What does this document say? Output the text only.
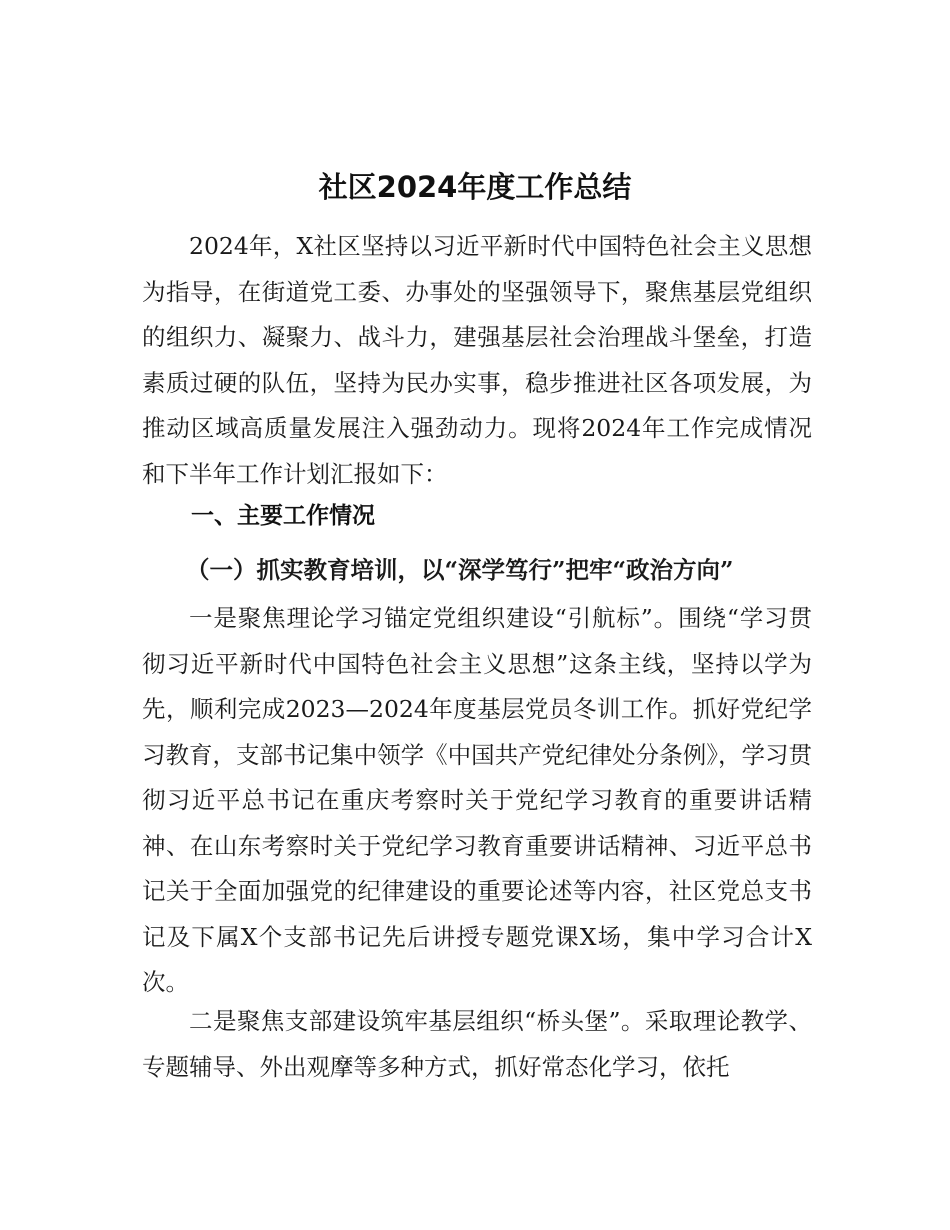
社区2024年度工作总结

2024年，X社区坚持以习近平新时代中国特色社会主义思想为指导，在街道党工委、办事处的坚强领导下，聚焦基层党组织的组织力、凝聚力、战斗力，建强基层社会治理战斗堡垒，打造素质过硬的队伍，坚持为民办实事，稳步推进社区各项发展，为推动区域高质量发展注入强劲动力。现将2024年工作完成情况和下半年工作计划汇报如下：

一、主要工作情况
（一）抓实教育培训，以“深学笃行”把牢“政治方向”

一是聚焦理论学习锚定党组织建设“引航标”。围绕“学习贯彻习近平新时代中国特色社会主义思想”这条主线，坚持以学为先，顺利完成2023—2024年度基层党员冬训工作。抓好党纪学习教育，支部书记集中领学《中国共产党纪律处分条例》，学习贯彻习近平总书记在重庆考察时关于党纪学习教育的重要讲话精神、在山东考察时关于党纪学习教育重要讲话精神、习近平总书记关于全面加强党的纪律建设的重要论述等内容，社区党总支书记及下属X个支部书记先后讲授专题党课X场，集中学习合计X次。

二是聚焦支部建设筑牢基层组织“桥头堡”。采取理论教学、专题辅导、外出观摩等多种方式，抓好常态化学习，依托
